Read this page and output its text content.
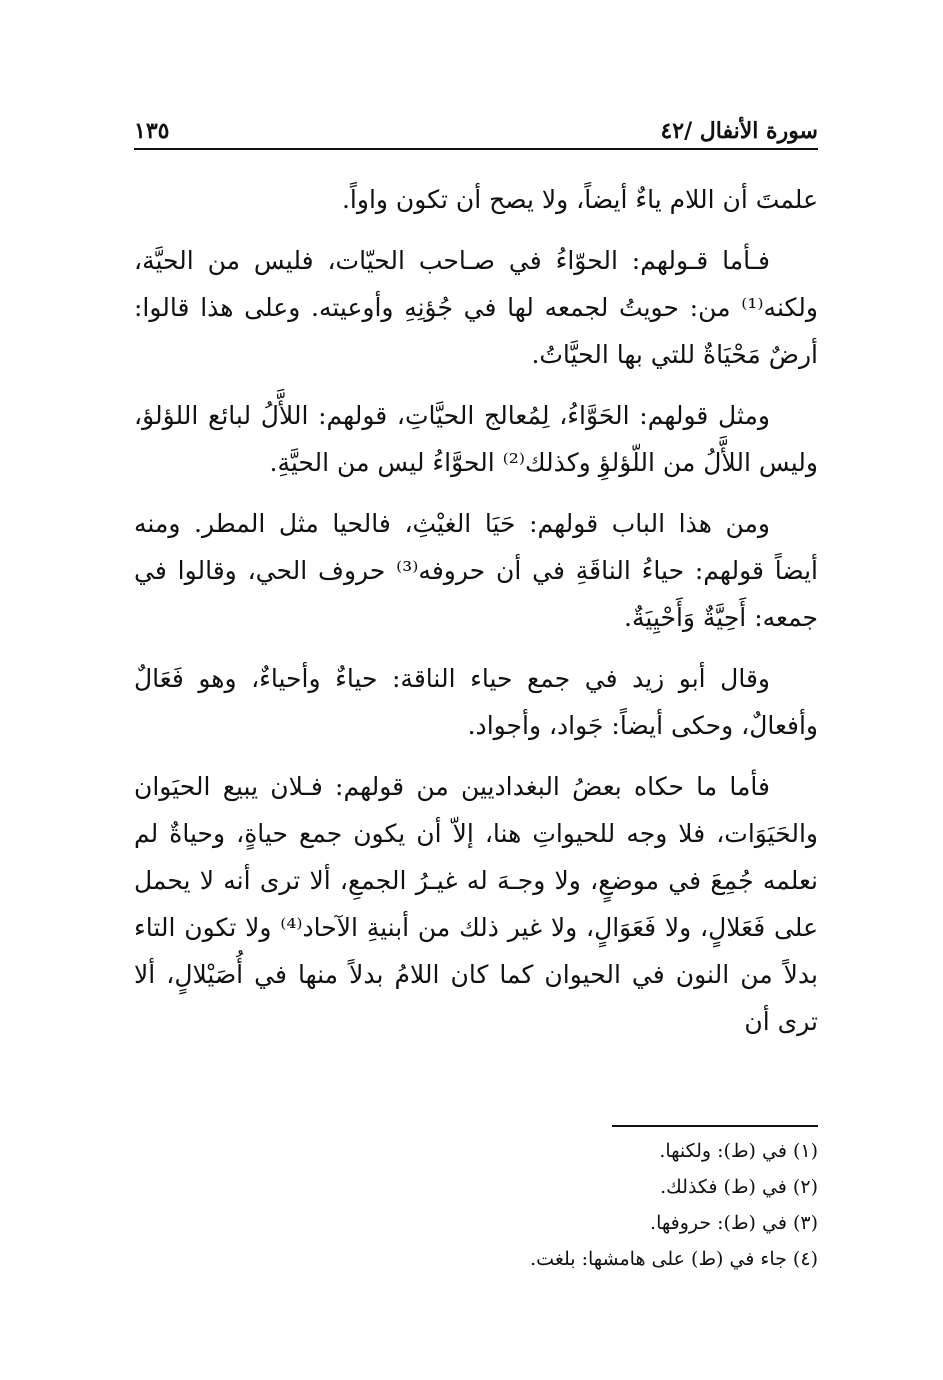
سورة الأنفال /٤٢
١٣٥

علمتَ أن اللام ياءٌ أيضاً، ولا يصح أن تكون واواً.

فـأما قـولهم: الحوّاءُ في صـاحب الحيّات، فليس من الحيَّة، ولكنه⁽¹⁾ من: حويتُ لجمعه لها في جُؤنِهِ وأوعيته. وعلى هذا قالوا: أرضٌ مَحْيَاةٌ للتي بها الحيَّاتُ.

ومثل قولهم: الحَوَّاءُ، لِمُعالج الحيَّاتِ، قولهم: اللأَّلُ لبائع اللؤلؤ، وليس اللأَّلُ من اللّؤلؤِ وكذلك⁽²⁾ الحوَّاءُ ليس من الحيَّةِ.

ومن هذا الباب قولهم: حَيَا الغيْثِ، فالحيا مثل المطر. ومنه أيضاً قولهم: حياءُ الناقَةِ في أن حروفه⁽³⁾ حروف الحي، وقالوا في جمعه: أَحِيَّةٌ وَأَحْيِيَةٌ.

وقال أبو زيد في جمع حياء الناقة: حياءٌ وأحياءٌ، وهو فَعَالٌ وأفعالٌ، وحكى أيضاً: جَواد، وأجواد.

فأما ما حكاه بعضُ البغداديين من قولهم: فـلان يبيع الحيَوان والحَيَوَات، فلا وجه للحيواتِ هنا، إلاّ أن يكون جمع حياةٍ، وحياةٌ لم نعلمه جُمِعَ في موضعٍ، ولا وجـهَ له غيـرُ الجمعِ، ألا ترى أنه لا يحمل على فَعَلالٍ، ولا فَعَوَالٍ، ولا غير ذلك من أبنيةِ الآحاد⁽⁴⁾ ولا تكون التاء بدلاً من النون في الحيوان كما كان اللامُ بدلاً منها في أُصَيْلالٍ، ألا ترى أن

(١) في (ط): ولكنها.
(٢) في (ط) فكذلك.
(٣) في (ط): حروفها.
(٤) جاء في (ط) على هامشها: بلغت.
